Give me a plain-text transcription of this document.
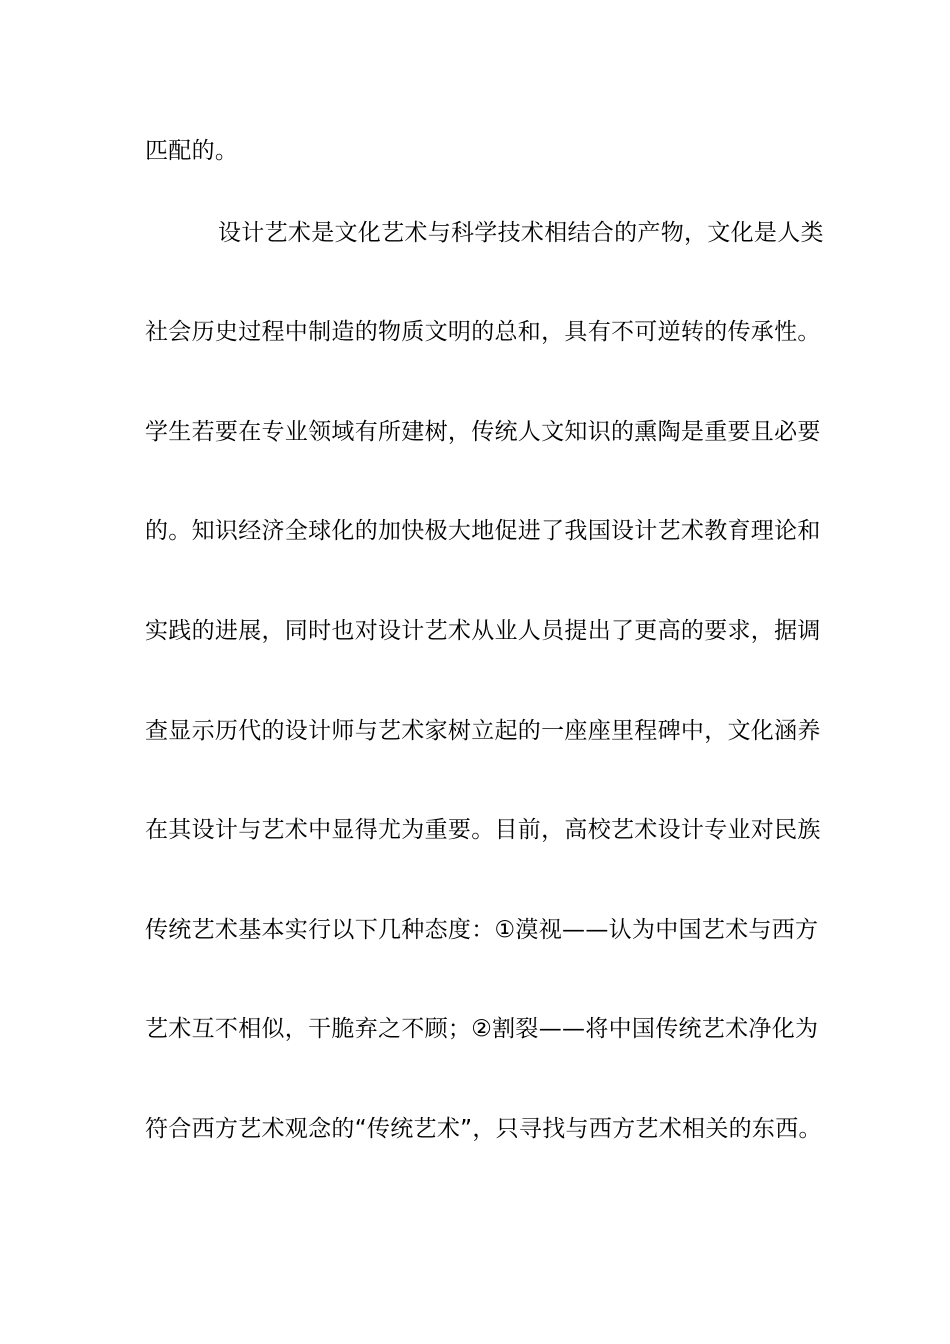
匹配的。
设计艺术是文化艺术与科学技术相结合的产物，文化是人类
社会历史过程中制造的物质文明的总和，具有不可逆转的传承性。
学生若要在专业领域有所建树，传统人文知识的熏陶是重要且必要
的。知识经济全球化的加快极大地促进了我国设计艺术教育理论和
实践的进展，同时也对设计艺术从业人员提出了更高的要求，据调
查显示历代的设计师与艺术家树立起的一座座里程碑中，文化涵养
在其设计与艺术中显得尤为重要。目前，高校艺术设计专业对民族
传统艺术基本实行以下几种态度：①漠视——认为中国艺术与西方
艺术互不相似，干脆弃之不顾；②割裂——将中国传统艺术净化为
符合西方艺术观念的“传统艺术”，只寻找与西方艺术相关的东西。
